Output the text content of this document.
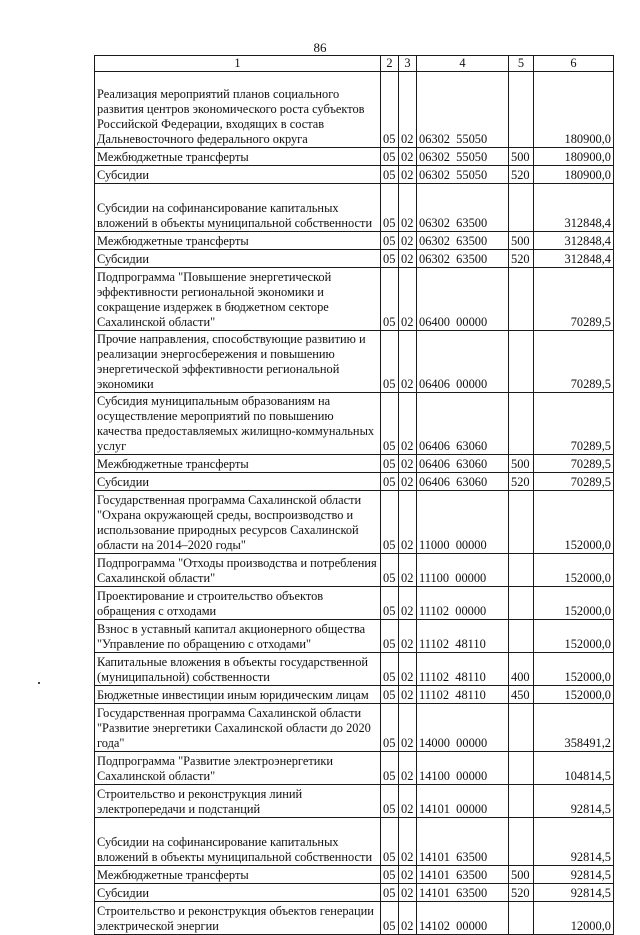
86
1	2	3	4	5	6
Реализация мероприятий планов социального развития центров экономического роста субъектов Российской Федерации, входящих в состав Дальневосточного федерального округа	05	02	06302  55050		180900,0
Межбюджетные трансферты	05	02	06302  55050	500	180900,0
Субсидии	05	02	06302  55050	520	180900,0
Субсидии на софинансирование капитальных вложений в объекты муниципальной собственности	05	02	06302  63500		312848,4
Межбюджетные трансферты	05	02	06302  63500	500	312848,4
Субсидии	05	02	06302  63500	520	312848,4
Подпрограмма "Повышение энергетической эффективности региональной экономики и сокращение издержек в бюджетном секторе Сахалинской области"	05	02	06400  00000		70289,5
Прочие направления, способствующие развитию и реализации энергосбережения и повышению энергетической эффективности региональной экономики	05	02	06406  00000		70289,5
Субсидия муниципальным образованиям на осуществление мероприятий по повышению качества предоставляемых жилищно-коммунальных услуг	05	02	06406  63060		70289,5
Межбюджетные трансферты	05	02	06406  63060	500	70289,5
Субсидии	05	02	06406  63060	520	70289,5
Государственная программа Сахалинской области "Охрана окружающей среды, воспроизводство и использование природных ресурсов Сахалинской области на 2014–2020 годы"	05	02	11000  00000		152000,0
Подпрограмма "Отходы производства и потребления Сахалинской области"	05	02	11100  00000		152000,0
Проектирование и строительство объектов обращения с отходами	05	02	11102  00000		152000,0
Взнос в уставный капитал акционерного общества "Управление по обращению с отходами"	05	02	11102  48110		152000,0
Капитальные вложения в объекты государственной (муниципальной) собственности	05	02	11102  48110	400	152000,0
Бюджетные инвестиции иным юридическим лицам	05	02	11102  48110	450	152000,0
Государственная программа Сахалинской области "Развитие энергетики Сахалинской области до 2020 года"	05	02	14000  00000		358491,2
Подпрограмма "Развитие электроэнергетики Сахалинской области"	05	02	14100  00000		104814,5
Строительство и реконструкция линий электропередачи и подстанций	05	02	14101  00000		92814,5
Субсидии на софинансирование капитальных вложений в объекты муниципальной собственности	05	02	14101  63500		92814,5
Межбюджетные трансферты	05	02	14101  63500	500	92814,5
Субсидии	05	02	14101  63500	520	92814,5
Строительство и реконструкция объектов генерации электрической энергии	05	02	14102  00000		12000,0
